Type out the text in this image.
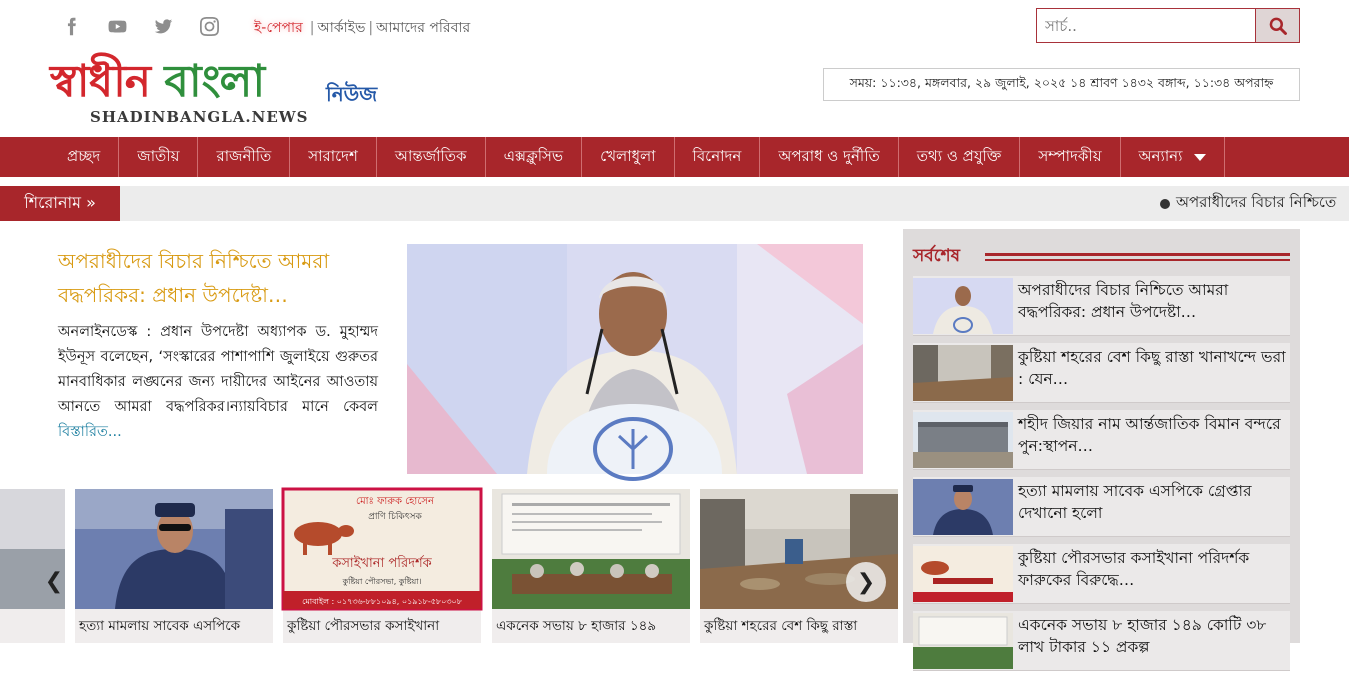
ই-পেপার | আর্কাইভ | আমাদের পরিবার
সার্চ..
স্বাধীন বাংলা	নিউজ
SHADINBANGLA.NEWS
সময়: ১১:৩৪, মঙ্গলবার, ২৯ জুলাই, ২০২৫ ১৪ শ্রাবণ ১৪৩২ বঙ্গাব্দ, ১১:৩৪ অপরাহ্ন
প্রচ্ছদ	জাতীয়	রাজনীতি	সারাদেশ	আন্তর্জাতিক	এক্সক্লুসিভ	খেলাধুলা	বিনোদন	অপরাধ ও দুর্নীতি	তথ্য ও প্রযুক্তি	সম্পাদকীয়	অন্যান্য
শিরোনাম »	অপরাধীদের বিচার নিশ্চিতে
অপরাধীদের বিচার নিশ্চিতে আমরা বদ্ধপরিকর: প্রধান উপদেষ্টা…
অনলাইনডেস্ক : প্রধান উপদেষ্টা অধ্যাপক ড. মুহাম্মদ ইউনূস বলেছেন, ‘সংস্কারের পাশাপাশি জুলাইয়ে গুরুতর মানবাধিকার লঙ্ঘনের জন্য দায়ীদের আইনের আওতায় আনতে আমরা বদ্ধপরিকর।ন্যায়বিচার মানে কেবল বিস্তারিত...
হত্যা মামলায় সাবেক এসপিকে
মোঃ ফারুক হোসেন
প্রাণি চিকিৎসক
কসাইখানা পরিদর্শক
কুষ্টিয়া পৌরসভা, কুষ্টিয়া।
মোবাইল : ০১৭৩৬-৮৮১০৯৪, ০১৯১৮-৫৮০৩০৮
কুষ্টিয়া পৌরসভার কসাইখানা	একনেক সভায় ৮ হাজার ১৪৯	কুষ্টিয়া শহরের বেশ কিছু রাস্তা
❮	❯
সর্বশেষ
অপরাধীদের বিচার নিশ্চিতে আমরা বদ্ধপরিকর: প্রধান উপদেষ্টা…
কুষ্টিয়া শহরের বেশ কিছু রাস্তা খানাখন্দে ভরা : যেন…
শহীদ জিয়ার নাম আর্ন্তজাতিক বিমান বন্দরে পুন:স্থাপন…
হত্যা মামলায় সাবেক এসপিকে গ্রেপ্তার দেখানো হলো
কুষ্টিয়া পৌরসভার কসাইখানা পরিদর্শক ফারুকের বিরুদ্ধে…
একনেক সভায় ৮ হাজার ১৪৯ কোটি ৩৮ লাখ টাকার ১১ প্রকল্প
